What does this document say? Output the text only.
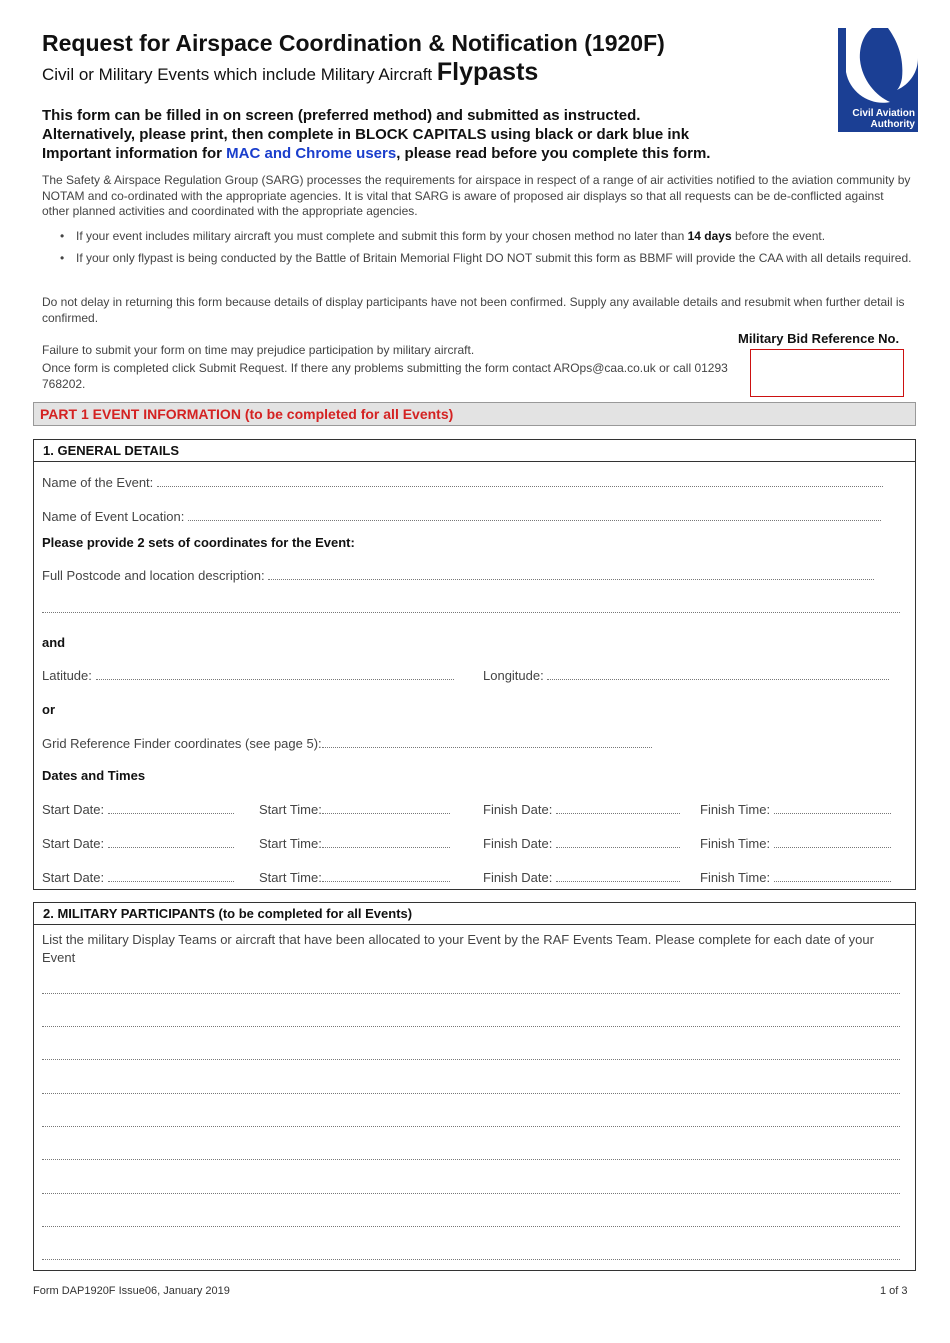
Request for Airspace Coordination & Notification (1920F)
Civil or Military Events which include Military Aircraft Flypasts
Civil Aviation
Authority
This form can be filled in on screen (preferred method) and submitted as instructed.
Alternatively, please print, then complete in BLOCK CAPITALS using black or dark blue ink
Important information for MAC and Chrome users, please read before you complete this form.
The Safety & Airspace Regulation Group (SARG) processes the requirements for airspace in respect of a range of air activities notified to the aviation community by NOTAM and co-ordinated with the appropriate agencies. It is vital that SARG is aware of proposed air displays so that all requests can be de-conflicted against other planned activities and coordinated with the appropriate agencies.
• If your event includes military aircraft you must complete and submit this form by your chosen method no later than 14 days before the event.
• If your only flypast is being conducted by the Battle of Britain Memorial Flight DO NOT submit this form as BBMF will provide the CAA with all details required.
Do not delay in returning this form because details of display participants have not been confirmed. Supply any available details and resubmit when further detail is confirmed.
Failure to submit your form on time may prejudice participation by military aircraft.
Once form is completed click Submit Request. If there any problems submitting the form contact AROps@caa.co.uk or call 01293 768202.
Military Bid Reference No.
PART 1 EVENT INFORMATION (to be completed for all Events)
1. GENERAL DETAILS
Name of the Event:
Name of Event Location:
Please provide 2 sets of coordinates for the Event:
Full Postcode and location description:
and
Latitude:	Longitude:
or
Grid Reference Finder coordinates (see page 5):
Dates and Times
Start Date:	Start Time:	Finish Date:	Finish Time:
Start Date:	Start Time:	Finish Date:	Finish Time:
Start Date:	Start Time:	Finish Date:	Finish Time:
2. MILITARY PARTICIPANTS (to be completed for all Events)
List the military Display Teams or aircraft that have been allocated to your Event by the RAF Events Team. Please complete for each date of your Event
Form DAP1920F Issue06, January 2019	1 of 3
